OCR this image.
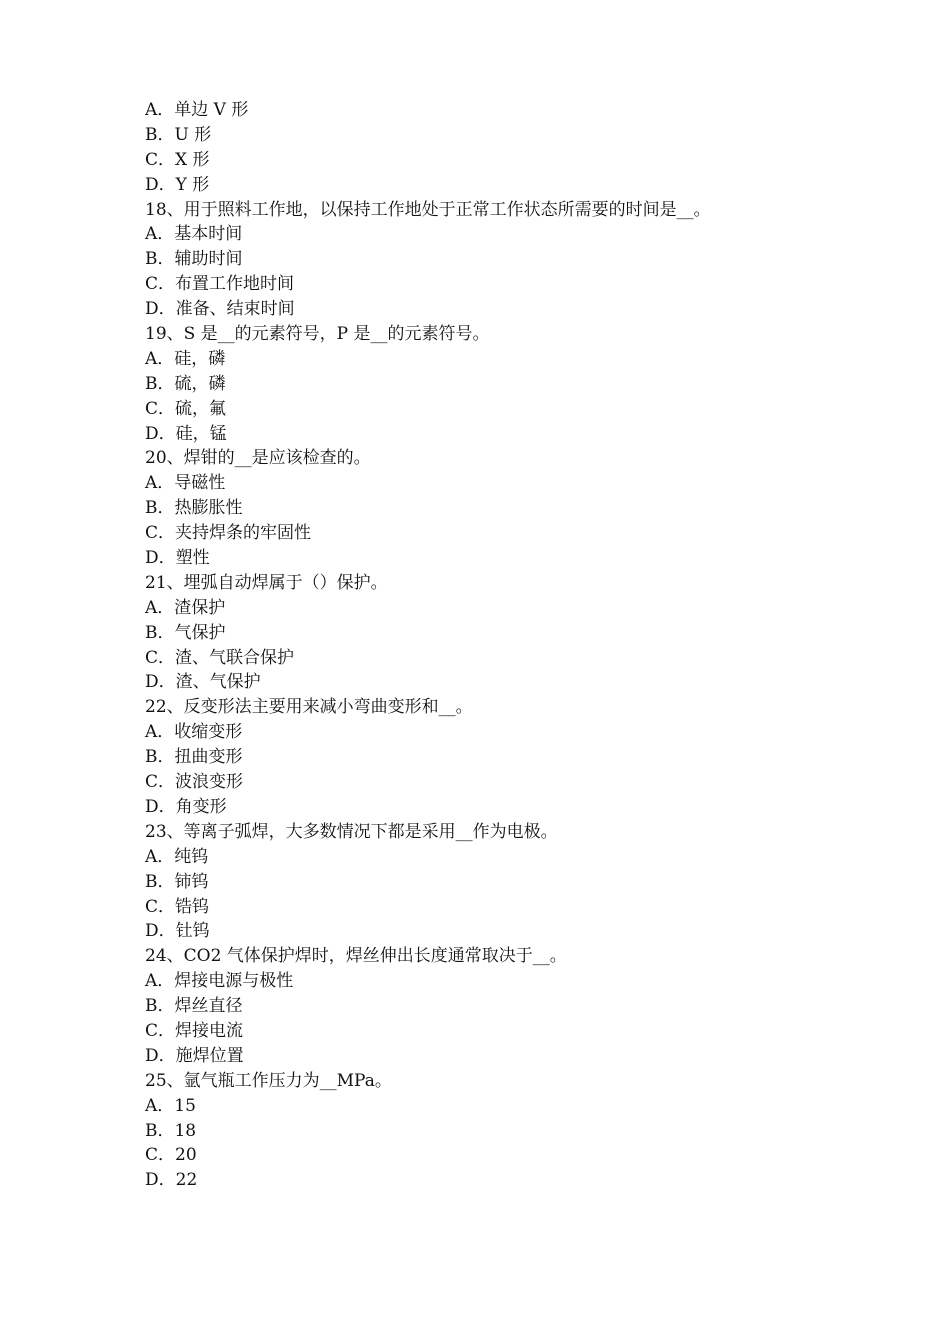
A．单边 V 形
B．U 形
C．X 形
D．Y 形
18、用于照料工作地，以保持工作地处于正常工作状态所需要的时间是__。
A．基本时间
B．辅助时间
C．布置工作地时间
D．准备、结束时间
19、S 是__的元素符号，P 是__的元素符号。
A．硅，磷
B．硫，磷
C．硫，氟
D．硅，锰
20、焊钳的__是应该检查的。
A．导磁性
B．热膨胀性
C．夹持焊条的牢固性
D．塑性
21、埋弧自动焊属于（）保护。
A．渣保护
B．气保护
C．渣、气联合保护
D．渣、气保护
22、反变形法主要用来减小弯曲变形和__。
A．收缩变形
B．扭曲变形
C．波浪变形
D．角变形
23、等离子弧焊，大多数情况下都是采用__作为电极。
A．纯钨
B．铈钨
C．锆钨
D．钍钨
24、CO2 气体保护焊时，焊丝伸出长度通常取决于__。
A．焊接电源与极性
B．焊丝直径
C．焊接电流
D．施焊位置
25、氩气瓶工作压力为__MPa。
A．15
B．18
C．20
D．22
